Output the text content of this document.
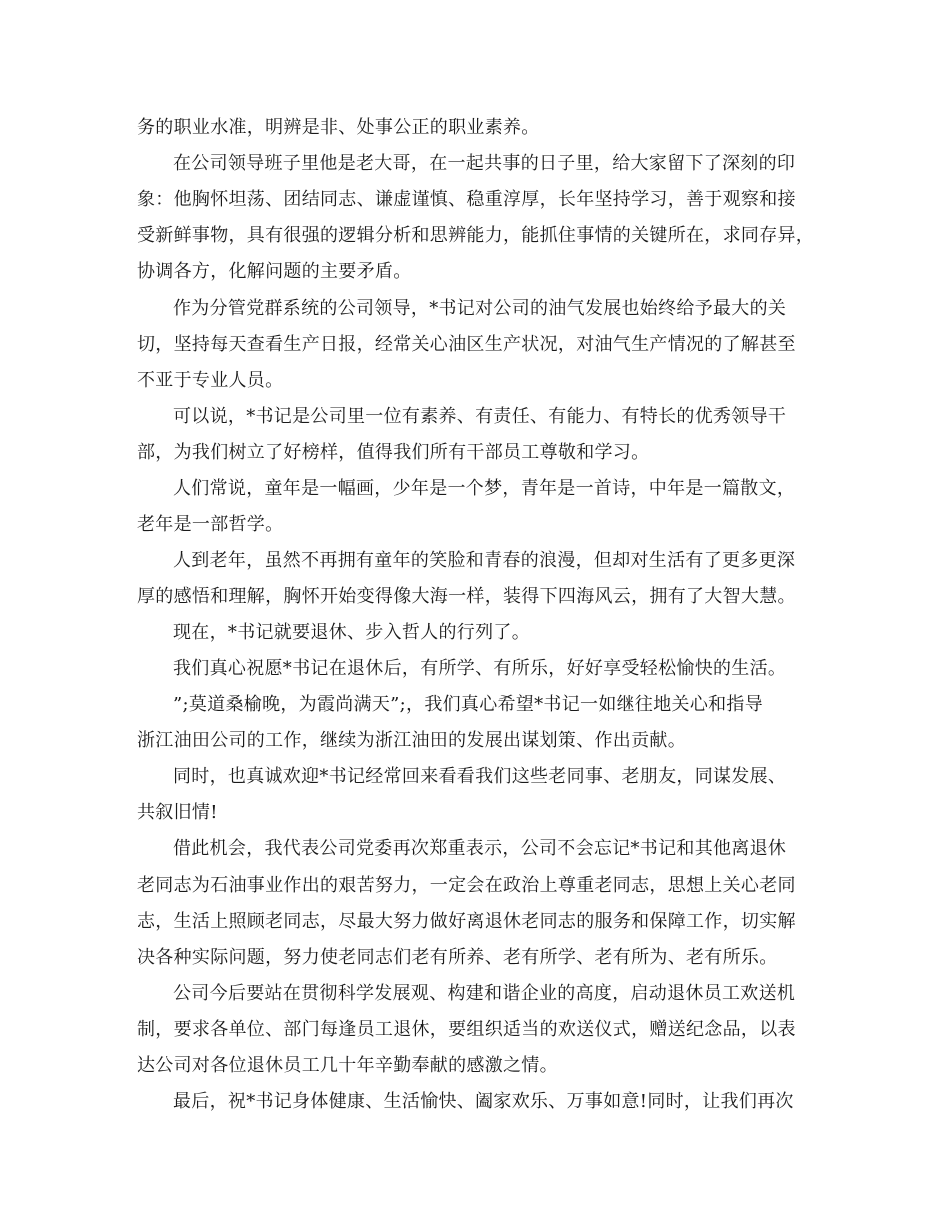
务的职业水准，明辨是非、处事公正的职业素养。
在公司领导班子里他是老大哥，在一起共事的日子里，给大家留下了深刻的印
象：他胸怀坦荡、团结同志、谦虚谨慎、稳重淳厚，长年坚持学习，善于观察和接
受新鲜事物，具有很强的逻辑分析和思辨能力，能抓住事情的关键所在，求同存异，
协调各方，化解问题的主要矛盾。
作为分管党群系统的公司领导，*书记对公司的油气发展也始终给予最大的关
切，坚持每天查看生产日报，经常关心油区生产状况，对油气生产情况的了解甚至
不亚于专业人员。
可以说，*书记是公司里一位有素养、有责任、有能力、有特长的优秀领导干
部，为我们树立了好榜样，值得我们所有干部员工尊敬和学习。
人们常说，童年是一幅画，少年是一个梦，青年是一首诗，中年是一篇散文，
老年是一部哲学。
人到老年，虽然不再拥有童年的笑脸和青春的浪漫，但却对生活有了更多更深
厚的感悟和理解，胸怀开始变得像大海一样，装得下四海风云，拥有了大智大慧。
现在，*书记就要退休、步入哲人的行列了。
我们真心祝愿*书记在退休后，有所学、有所乐，好好享受轻松愉快的生活。
”;莫道桑榆晚，为霞尚满天”;，我们真心希望*书记一如继往地关心和指导
浙江油田公司的工作，继续为浙江油田的发展出谋划策、作出贡献。
同时，也真诚欢迎*书记经常回来看看我们这些老同事、老朋友，同谋发展、
共叙旧情!
借此机会，我代表公司党委再次郑重表示，公司不会忘记*书记和其他离退休
老同志为石油事业作出的艰苦努力，一定会在政治上尊重老同志，思想上关心老同
志，生活上照顾老同志，尽最大努力做好离退休老同志的服务和保障工作，切实解
决各种实际问题，努力使老同志们老有所养、老有所学、老有所为、老有所乐。
公司今后要站在贯彻科学发展观、构建和谐企业的高度，启动退休员工欢送机
制，要求各单位、部门每逢员工退休，要组织适当的欢送仪式，赠送纪念品，以表
达公司对各位退休员工几十年辛勤奉献的感激之情。
最后，祝*书记身体健康、生活愉快、阖家欢乐、万事如意!同时，让我们再次
